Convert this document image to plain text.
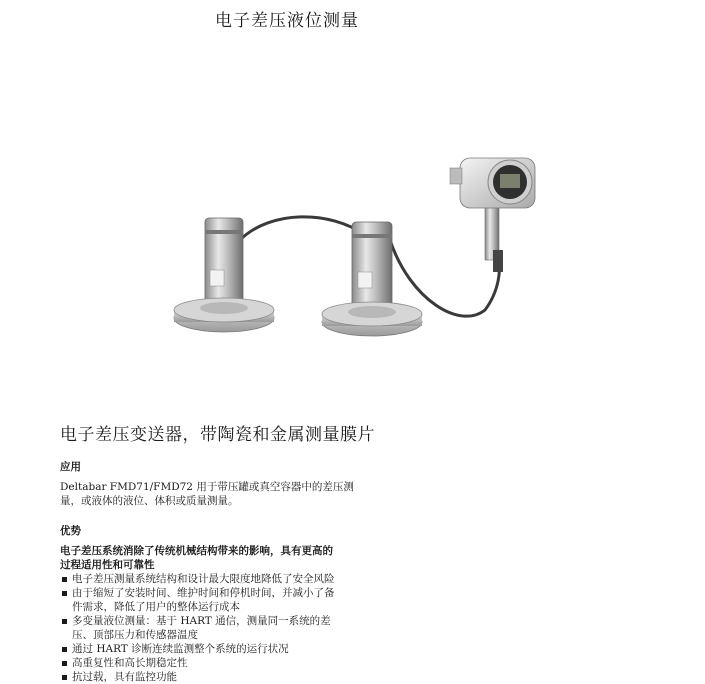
电子差压液位测量
电子差压变送器，带陶瓷和金属测量膜片
应用
Deltabar FMD71/FMD72 用于带压罐或真空容器中的差压测
量，或液体的液位、体积或质量测量。
优势
电子差压系统消除了传统机械结构带来的影响，具有更高的
过程适用性和可靠性
电子差压测量系统结构和设计最大限度地降低了安全风险
由于缩短了安装时间、维护时间和停机时间，并减小了备
件需求，降低了用户的整体运行成本
多变量液位测量：基于 HART 通信，测量同一系统的差
压、顶部压力和传感器温度
通过 HART 诊断连续监测整个系统的运行状况
高重复性和高长期稳定性
抗过载，具有监控功能
